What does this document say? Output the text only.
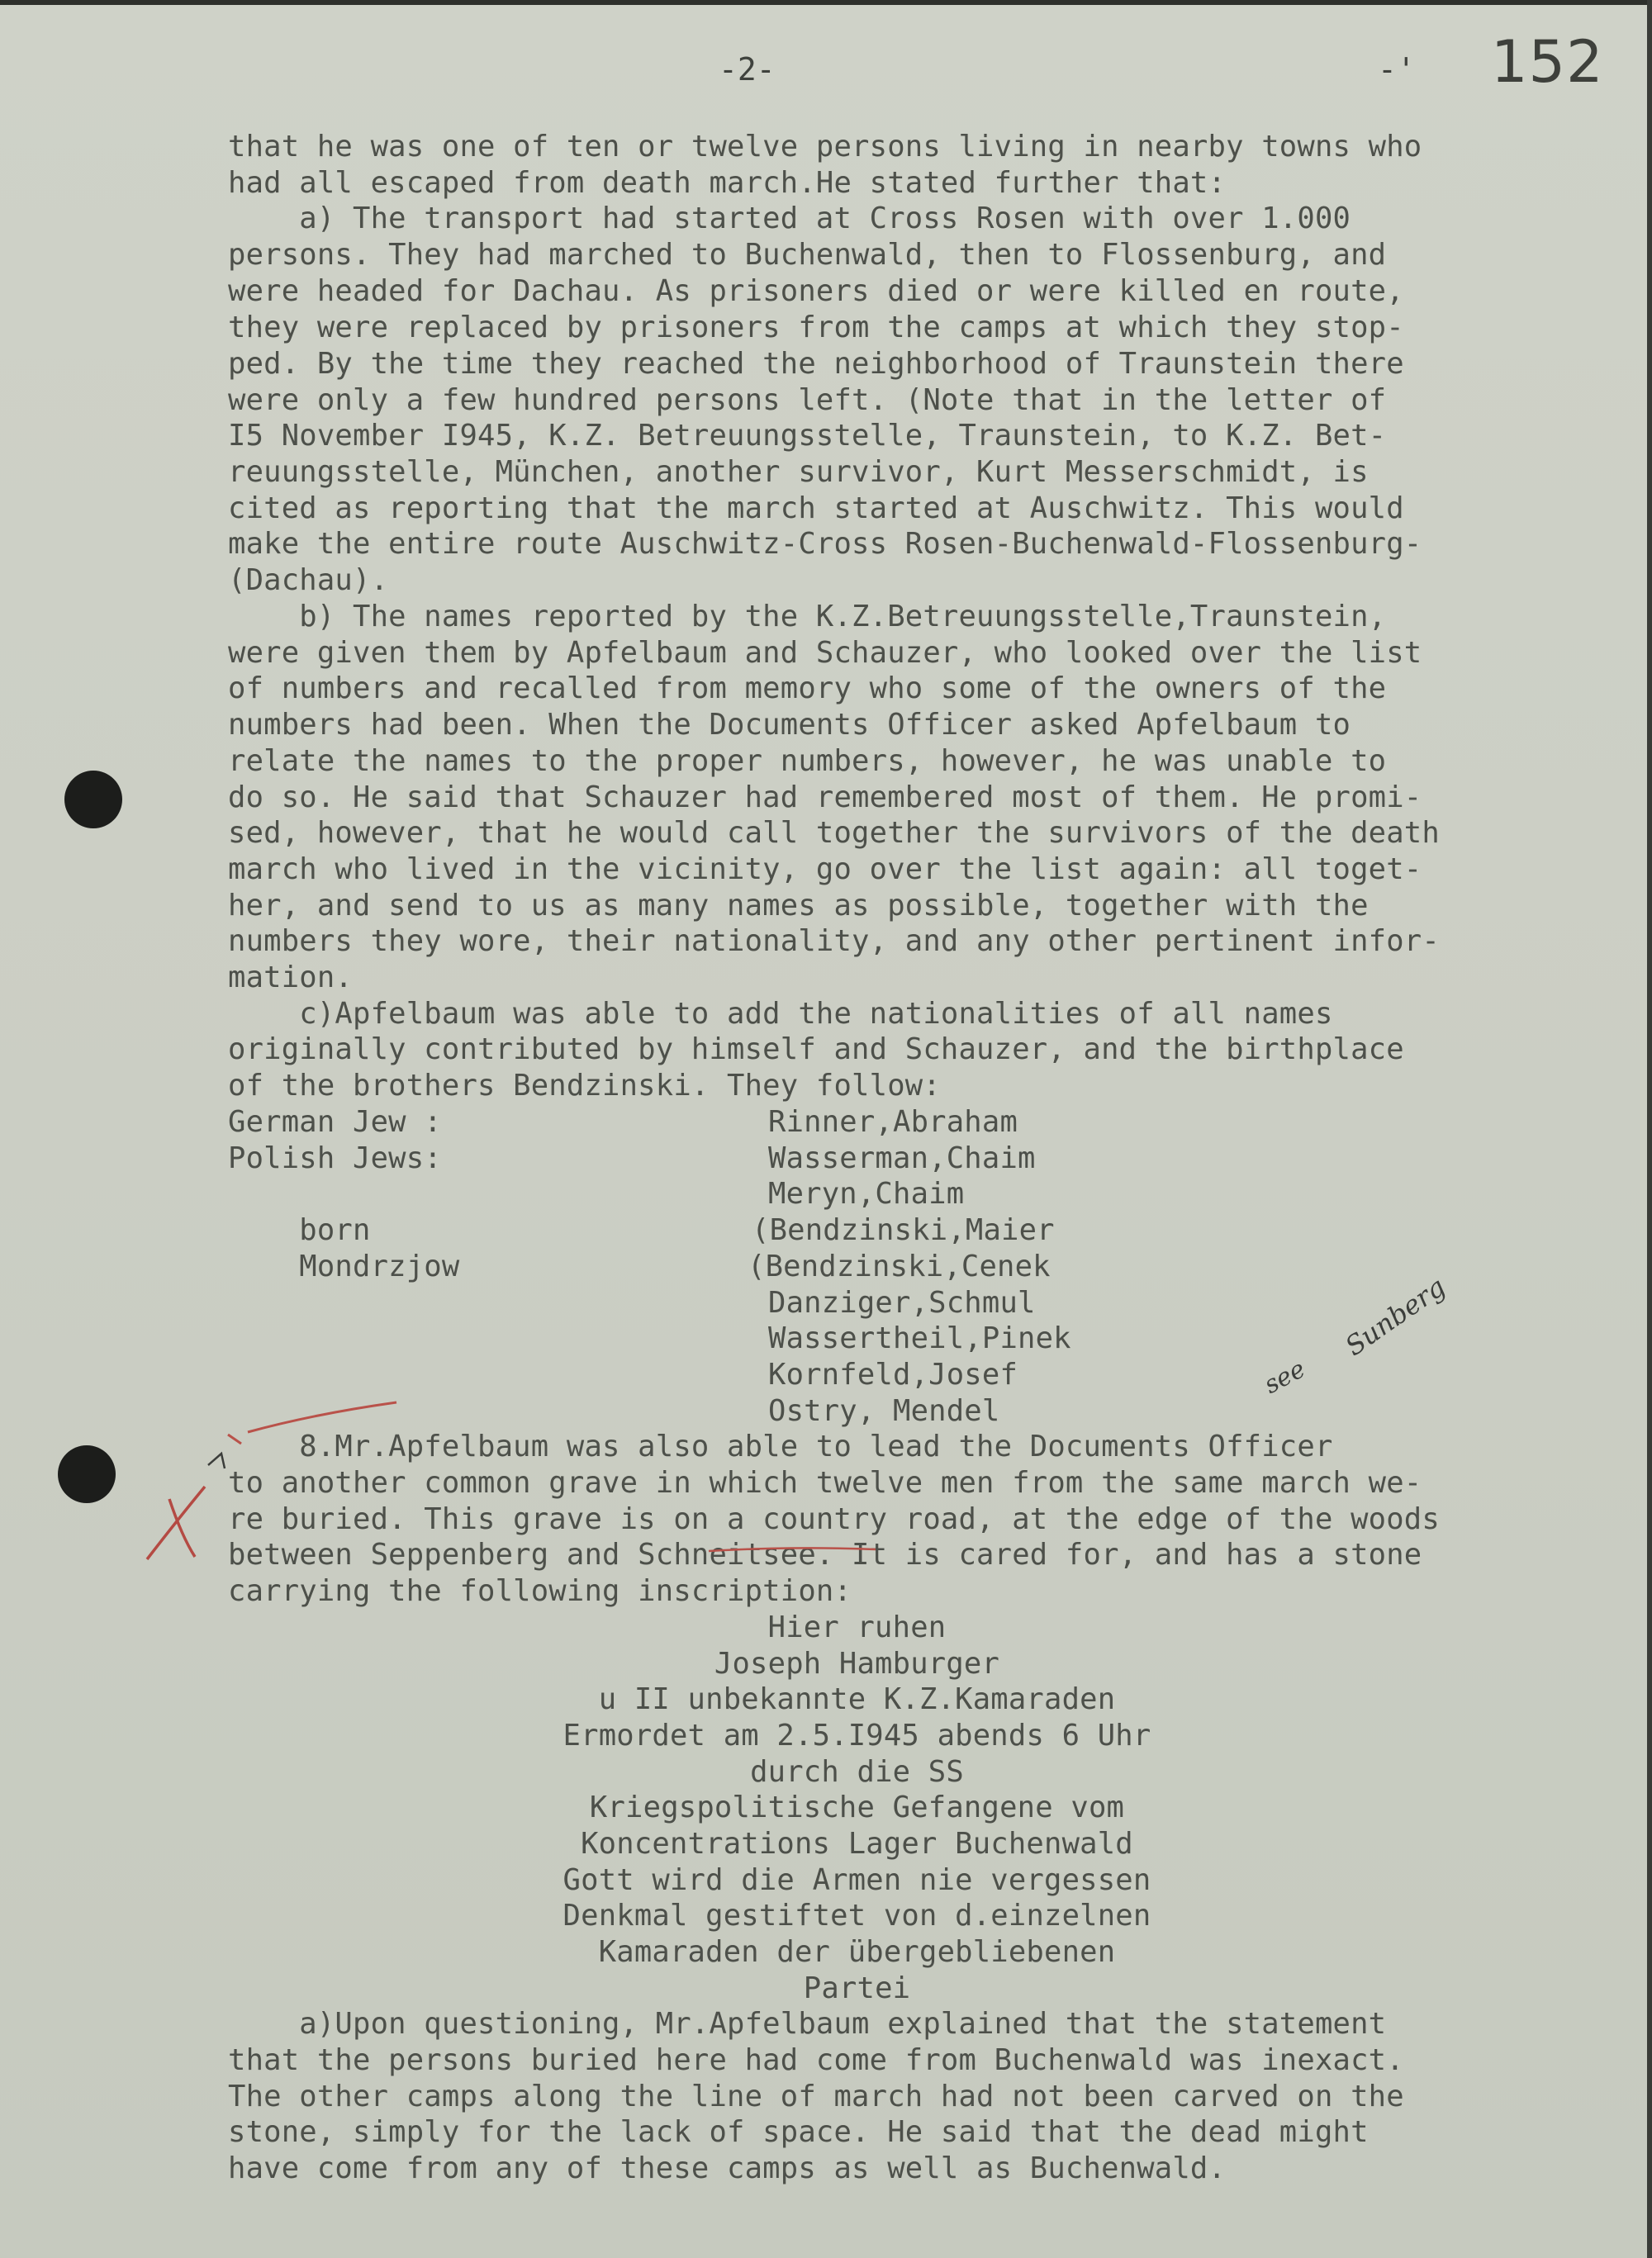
-2-	-' 152
that he was one of ten or twelve persons living in nearby towns who
had all escaped from death march.He stated further that:
a) The transport had started at Cross Rosen with over 1.000
persons. They had marched to Buchenwald, then to Flossenburg, and
were headed for Dachau. As prisoners died or were killed en route,
they were replaced by prisoners from the camps at which they stop-
ped. By the time they reached the neighborhood of Traunstein there
were only a few hundred persons left. (Note that in the letter of
I5 November I945, K.Z. Betreuungsstelle, Traunstein, to K.Z. Bet-
reuungsstelle, München, another survivor, Kurt Messerschmidt, is
cited as reporting that the march started at Auschwitz. This would
make the entire route Auschwitz-Cross Rosen-Buchenwald-Flossenburg-
(Dachau).
b) The names reported by the K.Z.Betreuungsstelle,Traunstein,
were given them by Apfelbaum and Schauzer, who looked over the list
of numbers and recalled from memory who some of the owners of the
numbers had been. When the Documents Officer asked Apfelbaum to
relate the names to the proper numbers, however, he was unable to
do so. He said that Schauzer had remembered most of them. He promi-
sed, however, that he would call together the survivors of the death
march who lived in the vicinity, go over the list again: all toget-
her, and send to us as many names as possible, together with the
numbers they wore, their nationality, and any other pertinent infor-
mation.
c)Apfelbaum was able to add the nationalities of all names
originally contributed by himself and Schauzer, and the birthplace
of the brothers Bendzinski. They follow:
German Jew :	Rinner,Abraham
Polish Jews:	Wasserman,Chaim
Meryn,Chaim
born	(Bendzinski,Maier
Mondrzjow	(Bendzinski,Cenek
Danziger,Schmul
Wassertheil,Pinek
Kornfeld,Josef
Ostry, Mendel
8.Mr.Apfelbaum was also able to lead the Documents Officer
to another common grave in which twelve men from the same march we-
re buried. This grave is on a country road, at the edge of the woods
between Seppenberg and Schneitsee. It is cared for, and has a stone
carrying the following inscription:
Hier ruhen
Joseph Hamburger
u II unbekannte K.Z.Kamaraden
Ermordet am 2.5.I945 abends 6 Uhr
durch die SS
Kriegspolitische Gefangene vom
Koncentrations Lager Buchenwald
Gott wird die Armen nie vergessen
Denkmal gestiftet von d.einzelnen
Kamaraden der übergebliebenen
Partei
a)Upon questioning, Mr.Apfelbaum explained that the statement
that the persons buried here had come from Buchenwald was inexact.
The other camps along the line of march had not been carved on the
stone, simply for the lack of space. He said that the dead might
have come from any of these camps as well as Buchenwald.
see
Sunberg
